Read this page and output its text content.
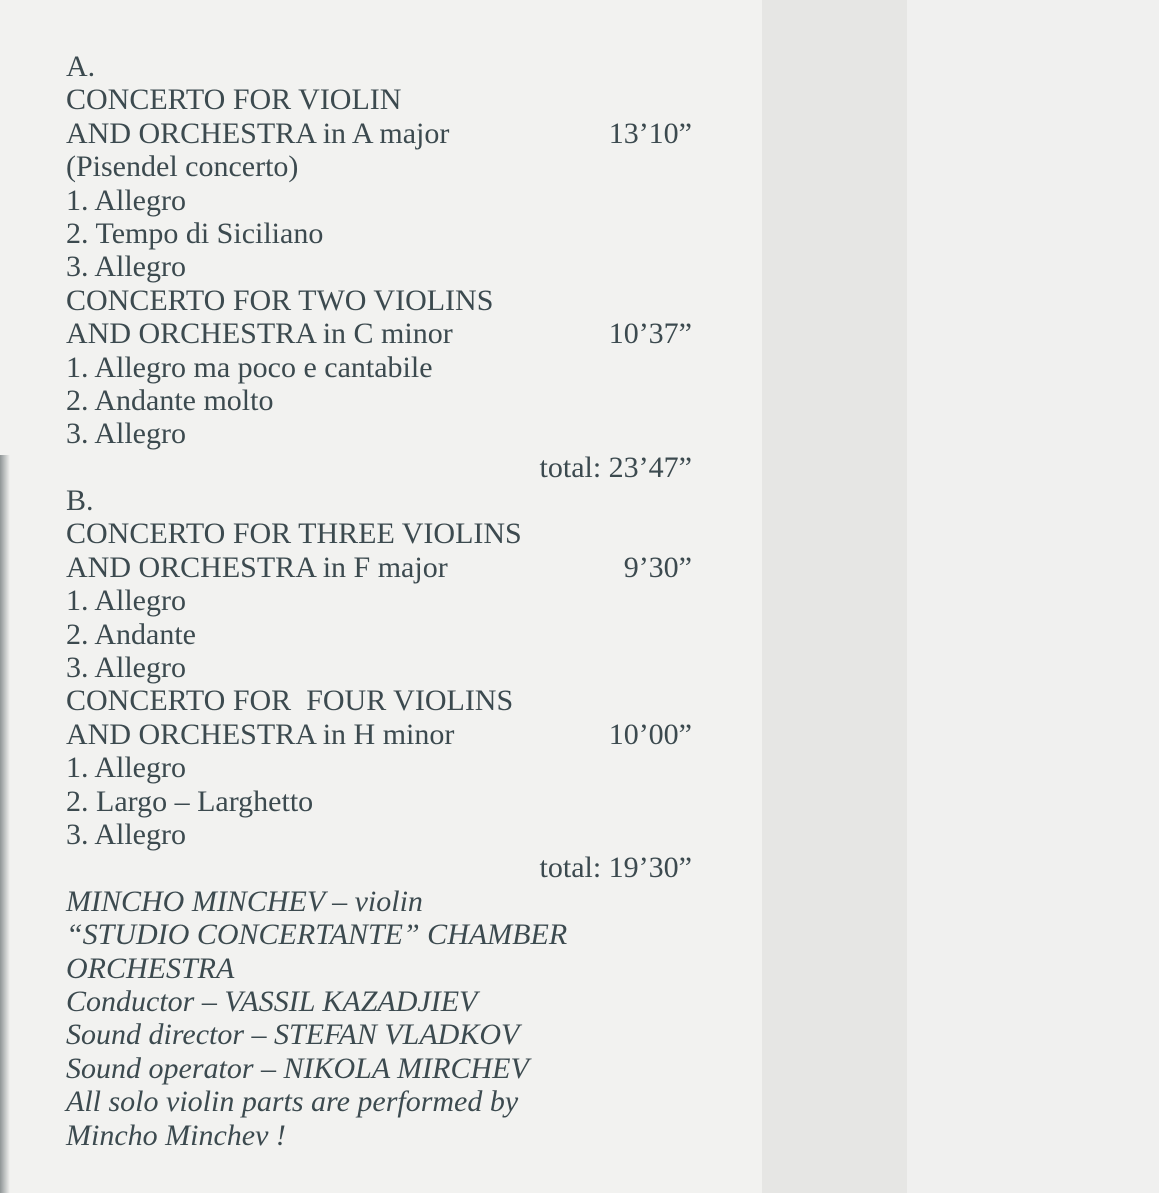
A.
CONCERTO FOR VIOLIN
AND ORCHESTRA in A major	13’10”
(Pisendel concerto)
1. Allegro
2. Tempo di Siciliano
3. Allegro
CONCERTO FOR TWO VIOLINS
AND ORCHESTRA in C minor	10’37”
1. Allegro ma poco e cantabile
2. Andante molto
3. Allegro
total: 23’47”
B.
CONCERTO FOR THREE VIOLINS
AND ORCHESTRA in F major	9’30”
1. Allegro
2. Andante
3. Allegro
CONCERTO FOR  FOUR VIOLINS
AND ORCHESTRA in H minor	10’00”
1. Allegro
2. Largo – Larghetto
3. Allegro
total: 19’30”
MINCHO MINCHEV – violin
“STUDIO CONCERTANTE” CHAMBER
ORCHESTRA
Conductor – VASSIL KAZADJIEV
Sound director – STEFAN VLADKOV
Sound operator – NIKOLA MIRCHEV
All solo violin parts are performed by
Mincho Minchev !
